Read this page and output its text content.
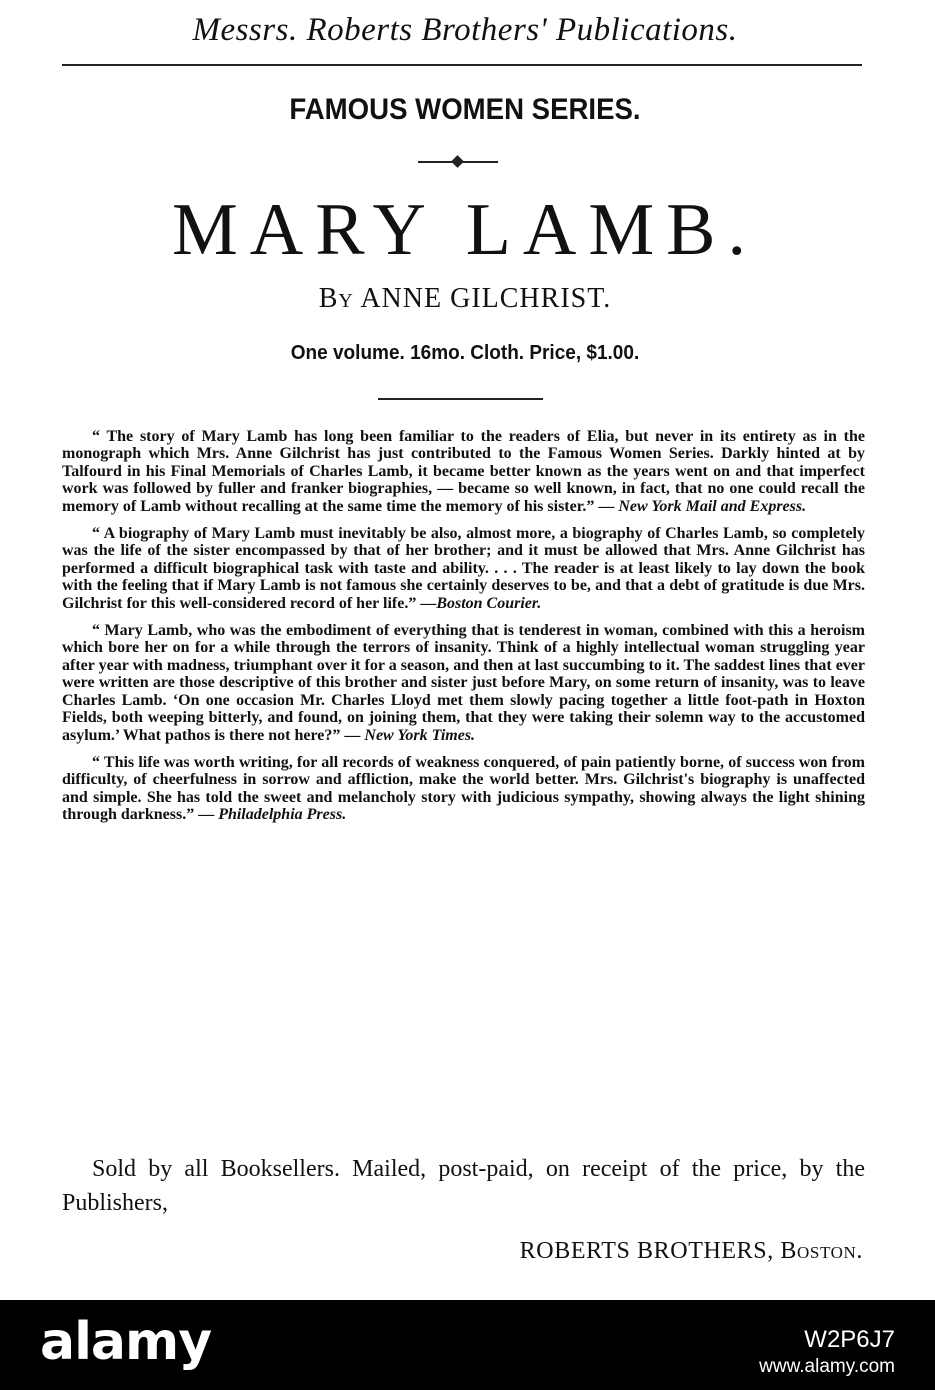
Messrs. Roberts Brothers' Publications.
FAMOUS WOMEN SERIES.
MARY LAMB.
By ANNE GILCHRIST.
One volume. 16mo. Cloth. Price, $1.00.

“ The story of Mary Lamb has long been familiar to the readers of Elia, but never in its entirety as in the monograph which Mrs. Anne Gilchrist has just contributed to the Famous Women Series. Darkly hinted at by Talfourd in his Final Memorials of Charles Lamb, it became better known as the years went on and that imperfect work was followed by fuller and franker biographies, — became so well known, in fact, that no one could recall the memory of Lamb without recalling at the same time the memory of his sister.” — New York Mail and Express.

“ A biography of Mary Lamb must inevitably be also, almost more, a biography of Charles Lamb, so completely was the life of the sister encompassed by that of her brother; and it must be allowed that Mrs. Anne Gilchrist has performed a difficult biographical task with taste and ability. . . . The reader is at least likely to lay down the book with the feeling that if Mary Lamb is not famous she certainly deserves to be, and that a debt of gratitude is due Mrs. Gilchrist for this well-considered record of her life.” —Boston Courier.

“ Mary Lamb, who was the embodiment of everything that is tenderest in woman, combined with this a heroism which bore her on for a while through the terrors of insanity. Think of a highly intellectual woman struggling year after year with madness, triumphant over it for a season, and then at last succumbing to it. The saddest lines that ever were written are those descriptive of this brother and sister just before Mary, on some return of insanity, was to leave Charles Lamb. ‘On one occasion Mr. Charles Lloyd met them slowly pacing together a little foot-path in Hoxton Fields, both weeping bitterly, and found, on joining them, that they were taking their solemn way to the accustomed asylum.’ What pathos is there not here?” — New York Times.

“ This life was worth writing, for all records of weakness conquered, of pain patiently borne, of success won from difficulty, of cheerfulness in sorrow and affliction, make the world better. Mrs. Gilchrist's biography is unaffected and simple. She has told the sweet and melancholy story with judicious sympathy, showing always the light shining through darkness.” — Philadelphia Press.

Sold by all Booksellers. Mailed, post-paid, on receipt of the price, by the Publishers,
ROBERTS BROTHERS, Boston.
alamy	W2P6J7
www.alamy.com
